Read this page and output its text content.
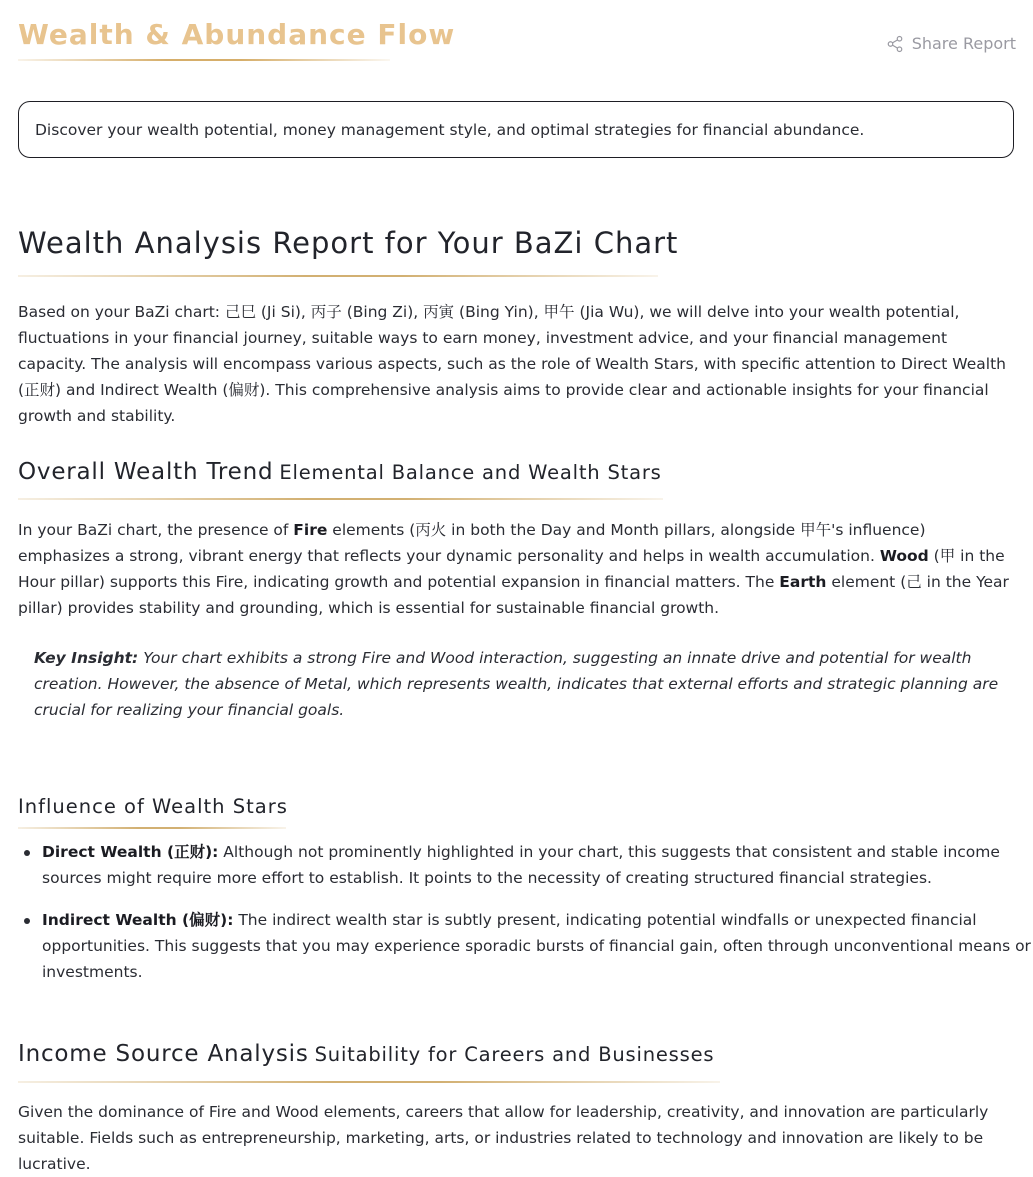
Wealth & Abundance Flow	Share Report
Discover your wealth potential, money management style, and optimal strategies for financial abundance.
Wealth Analysis Report for Your BaZi Chart

Based on your BaZi chart: 己巳 (Ji Si), 丙子 (Bing Zi), 丙寅 (Bing Yin), 甲午 (Jia Wu), we will delve into your wealth potential, fluctuations in your financial journey, suitable ways to earn money, investment advice, and your financial management capacity. The analysis will encompass various aspects, such as the role of Wealth Stars, with specific attention to Direct Wealth (正财) and Indirect Wealth (偏财). This comprehensive analysis aims to provide clear and actionable insights for your financial growth and stability.

Overall Wealth Trend Elemental Balance and Wealth Stars

In your BaZi chart, the presence of Fire elements (丙火 in both the Day and Month pillars, alongside 甲午's influence) emphasizes a strong, vibrant energy that reflects your dynamic personality and helps in wealth accumulation. Wood (甲 in the Hour pillar) supports this Fire, indicating growth and potential expansion in financial matters. The Earth element (己 in the Year pillar) provides stability and grounding, which is essential for sustainable financial growth.

Key Insight: Your chart exhibits a strong Fire and Wood interaction, suggesting an innate drive and potential for wealth creation. However, the absence of Metal, which represents wealth, indicates that external efforts and strategic planning are crucial for realizing your financial goals.

Influence of Wealth Stars
Direct Wealth (正财): Although not prominently highlighted in your chart, this suggests that consistent and stable income sources might require more effort to establish. It points to the necessity of creating structured financial strategies.
Indirect Wealth (偏财): The indirect wealth star is subtly present, indicating potential windfalls or unexpected financial opportunities. This suggests that you may experience sporadic bursts of financial gain, often through unconventional means or investments.
Income Source Analysis Suitability for Careers and Businesses

Given the dominance of Fire and Wood elements, careers that allow for leadership, creativity, and innovation are particularly suitable. Fields such as entrepreneurship, marketing, arts, or industries related to technology and innovation are likely to be lucrative.
